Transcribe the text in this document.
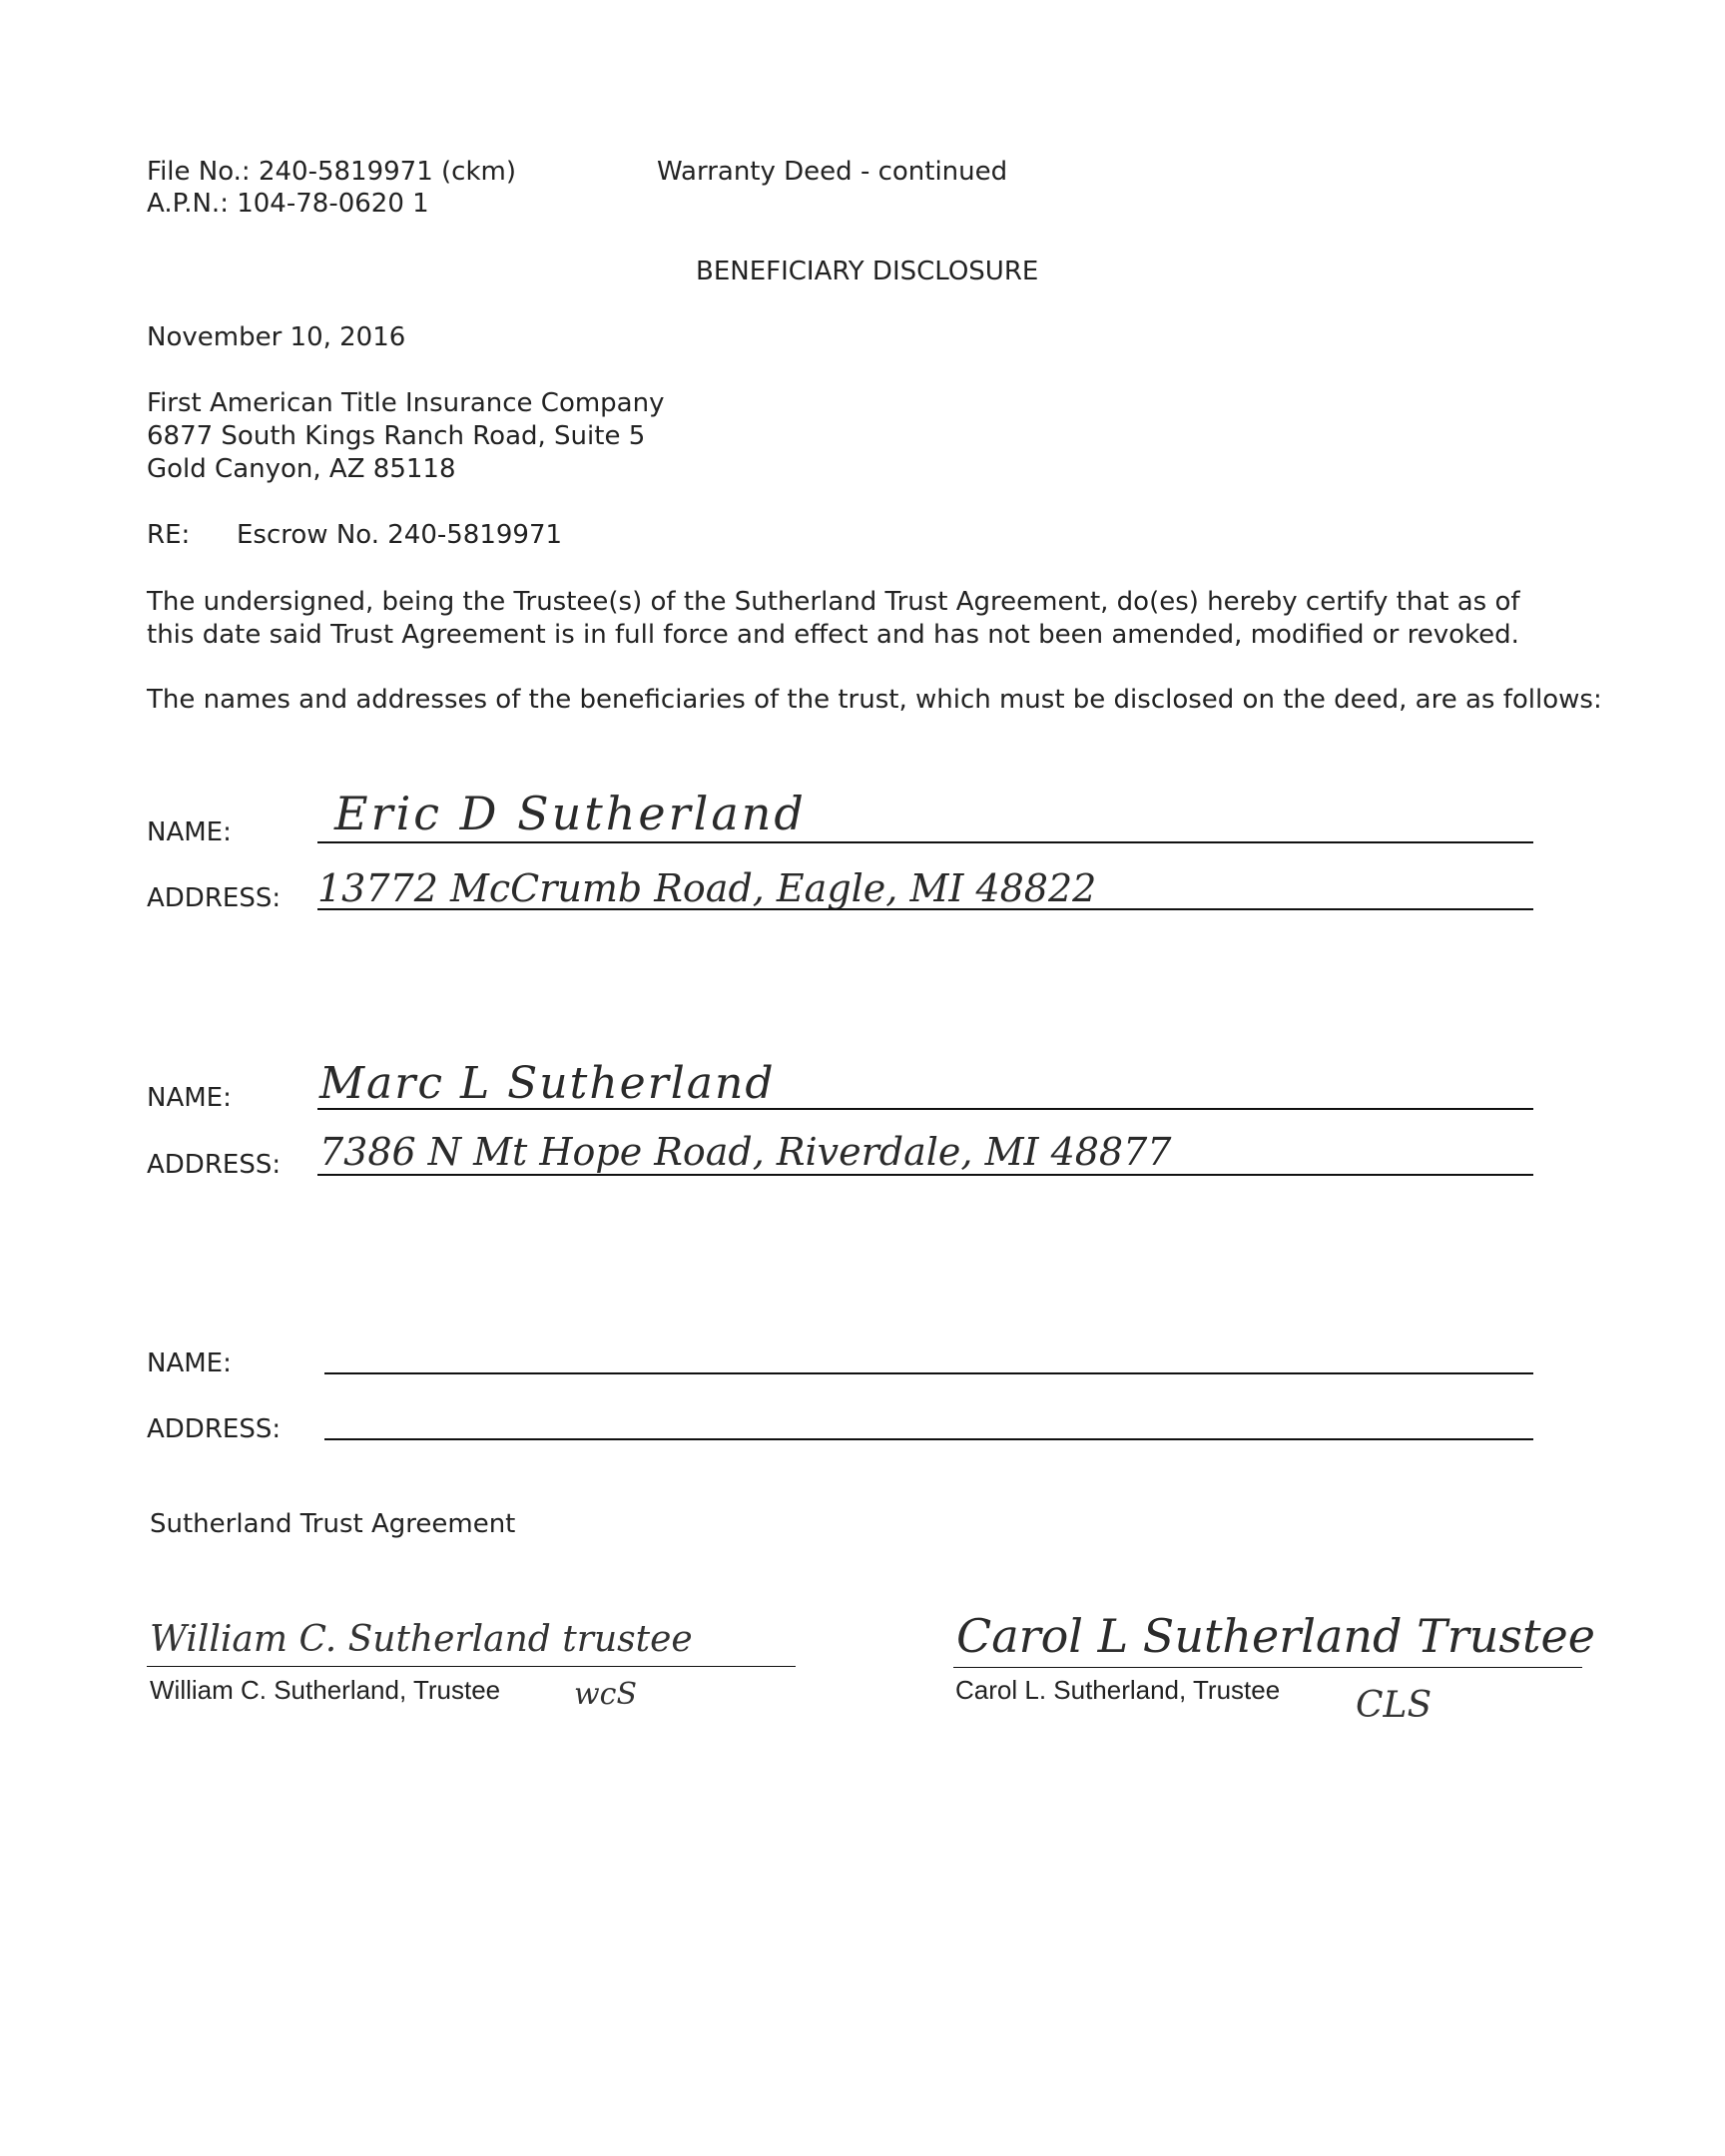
File No.: 240-5819971 (ckm)
A.P.N.: 104-78-0620 1
Warranty Deed - continued
BENEFICIARY DISCLOSURE
November 10, 2016
First American Title Insurance Company
6877 South Kings Ranch Road, Suite 5
Gold Canyon, AZ 85118
RE: Escrow No. 240-5819971
The undersigned, being the Trustee(s) of the Sutherland Trust Agreement, do(es) hereby certify that as of this date said Trust Agreement is in full force and effect and has not been amended, modified or revoked.
The names and addresses of the beneficiaries of the trust, which must be disclosed on the deed, are as follows:
NAME: Eric D Sutherland
ADDRESS: 13772 McCrumb Road, Eagle, MI 48822
NAME: Marc L Sutherland
ADDRESS: 7386 N Mt Hope Road, Riverdale, MI 48877
NAME:
ADDRESS:
Sutherland Trust Agreement
William C. Sutherland trustee
William C. Sutherland, Trustee wcS
Carol L Sutherland Trustee
Carol L. Sutherland, Trustee CLS
